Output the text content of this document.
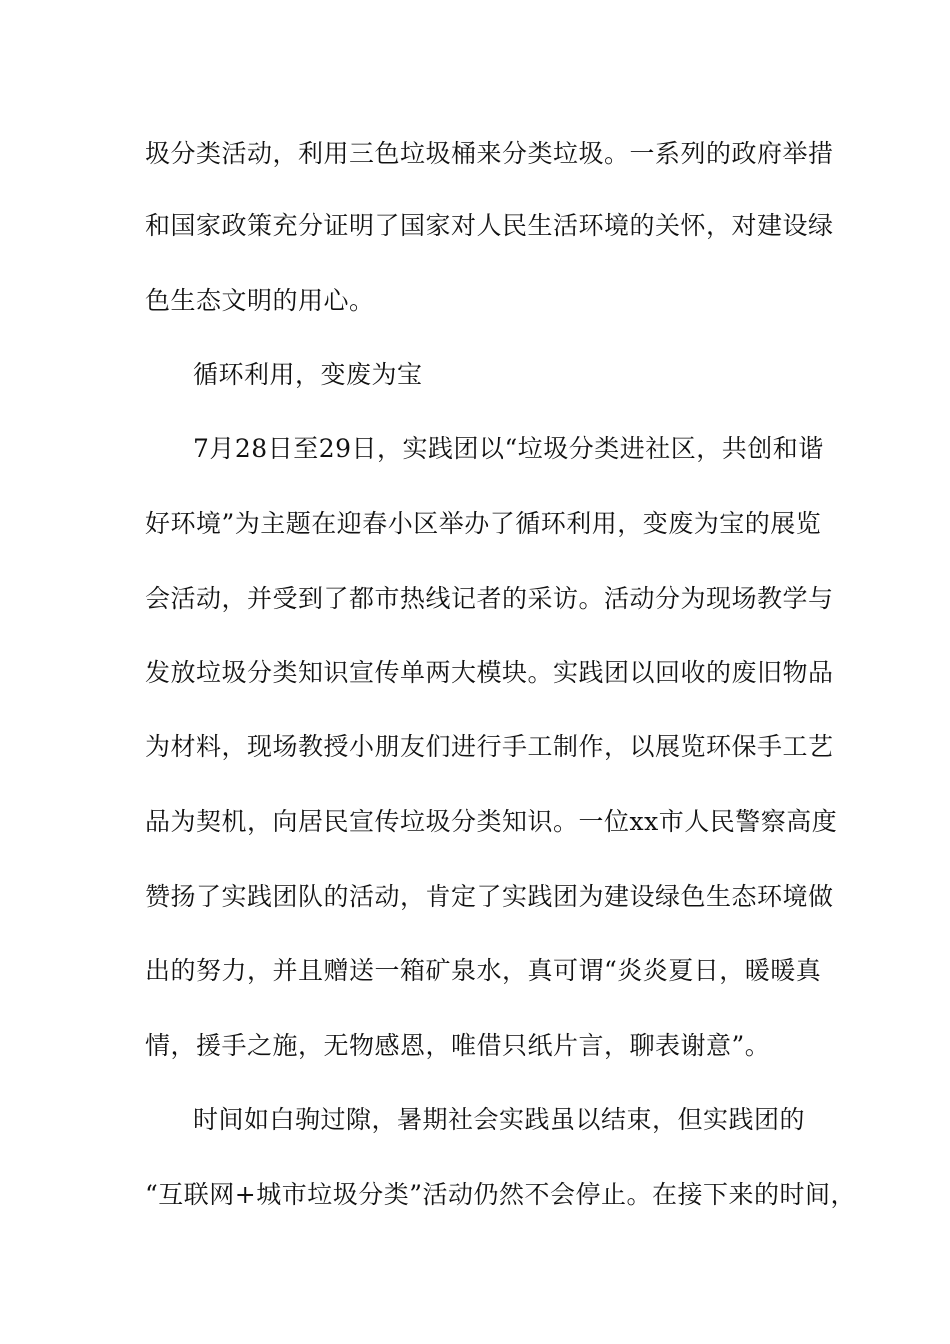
圾分类活动，利用三色垃圾桶来分类垃圾。一系列的政府举措
和国家政策充分证明了国家对人民生活环境的关怀，对建设绿
色生态文明的用心。
循环利用，变废为宝
7月28日至29日，实践团以“垃圾分类进社区，共创和谐
好环境”为主题在迎春小区举办了循环利用，变废为宝的展览
会活动，并受到了都市热线记者的采访。活动分为现场教学与
发放垃圾分类知识宣传单两大模块。实践团以回收的废旧物品
为材料，现场教授小朋友们进行手工制作，以展览环保手工艺
品为契机，向居民宣传垃圾分类知识。一位xx市人民警察高度
赞扬了实践团队的活动，肯定了实践团为建设绿色生态环境做
出的努力，并且赠送一箱矿泉水，真可谓“炎炎夏日，暖暖真
情，援手之施，无物感恩，唯借只纸片言，聊表谢意”。
时间如白驹过隙，暑期社会实践虽以结束，但实践团的
“互联网+城市垃圾分类”活动仍然不会停止。在接下来的时间，
